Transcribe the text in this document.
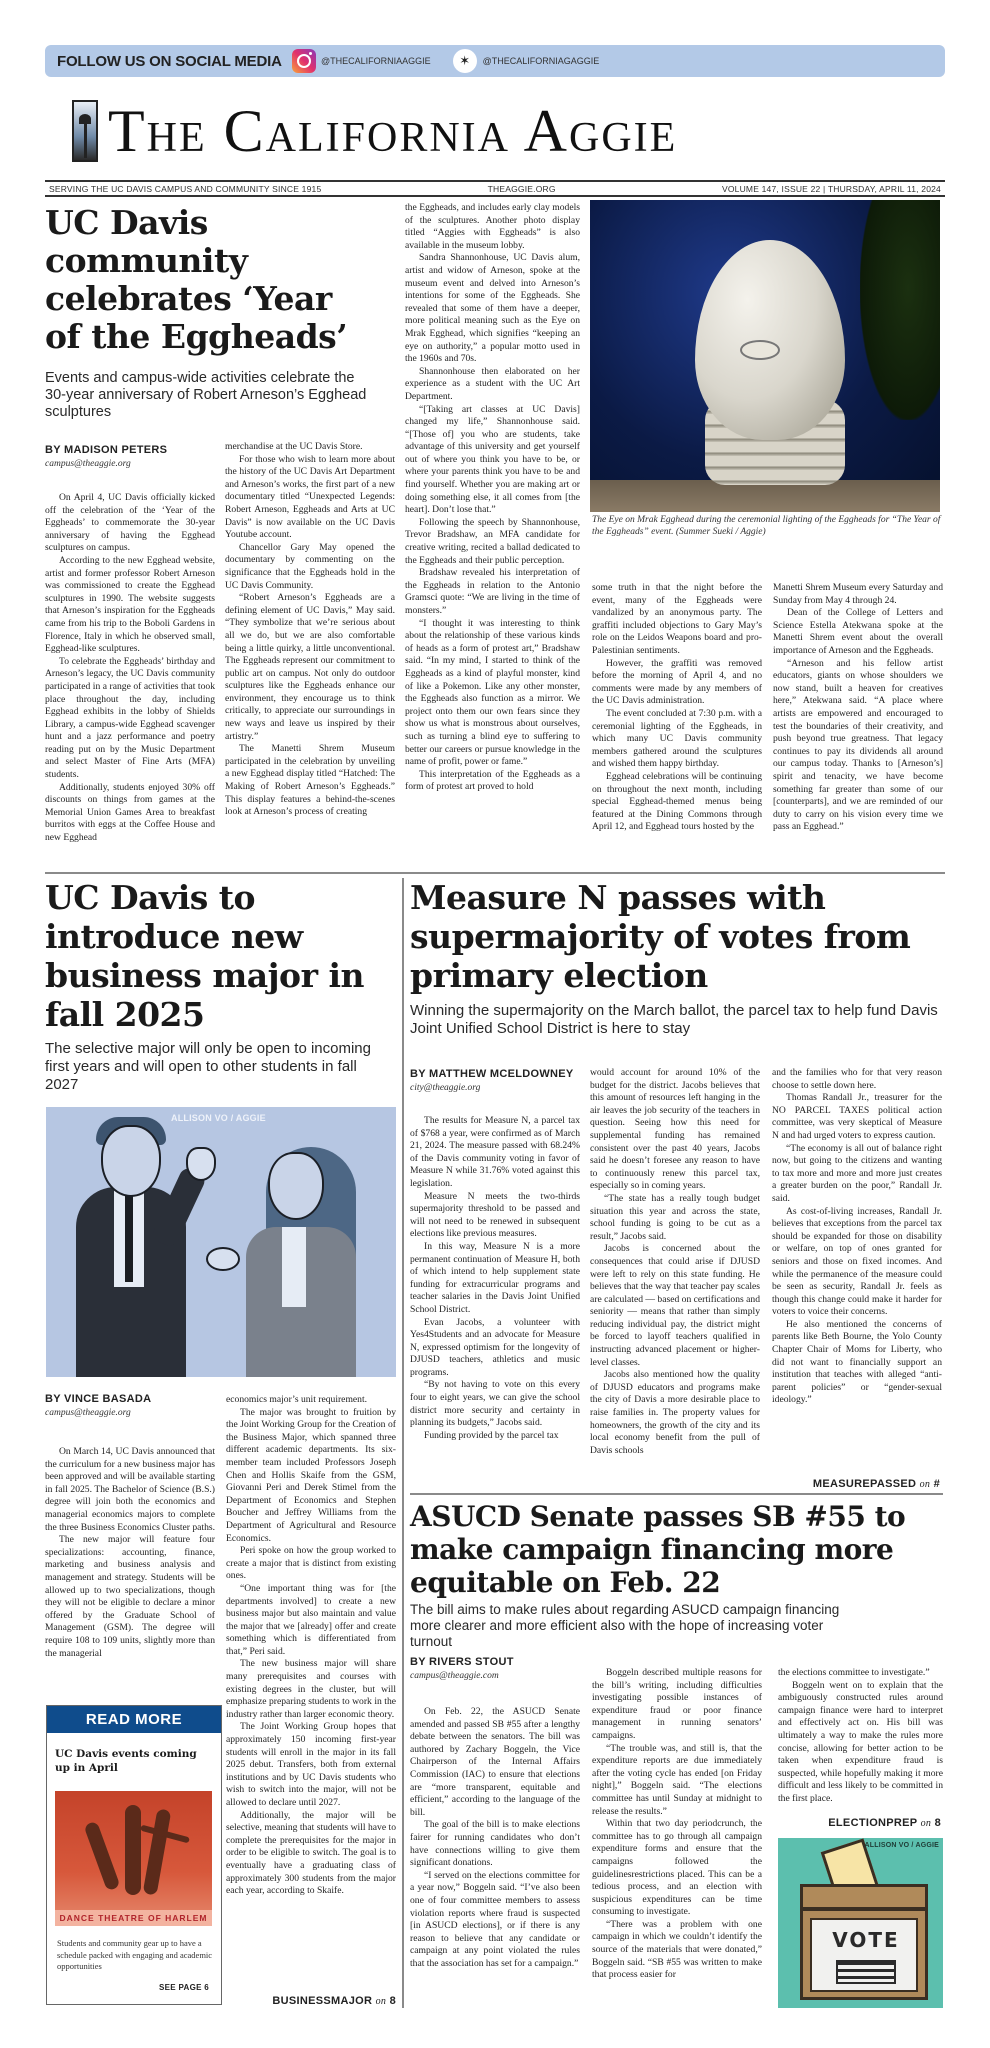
FOLLOW US ON SOCIAL MEDIA	@THECALIFORNIAAGGIE	✶	@THECALIFORNIAGAGGIE
The California Aggie
SERVING THE UC DAVIS CAMPUS AND COMMUNITY SINCE 1915	THEAGGIE.ORG	VOLUME 147, ISSUE 22 | THURSDAY, APRIL 11, 2024
UC Davis community celebrates ‘Year of the Eggheads’
Events and campus-wide activities celebrate the 30-year anniversary of Robert Arneson’s Egghead sculptures
BY MADISON PETERS
campus@theaggie.org

On April 4, UC Davis officially kicked off the celebration of the ‘Year of the Eggheads’ to commemorate the 30-year anniversary of having the Egghead sculptures on campus.

According to the new Egghead website, artist and former professor Robert Arneson was commissioned to create the Egghead sculptures in 1990. The website suggests that Arneson’s inspiration for the Eggheads came from his trip to the Boboli Gardens in Florence, Italy in which he observed small, Egghead-like sculptures.

To celebrate the Eggheads’ birthday and Arneson’s legacy, the UC Davis community participated in a range of activities that took place throughout the day, including Egghead exhibits in the lobby of Shields Library, a campus-wide Egghead scavenger hunt and a jazz performance and poetry reading put on by the Music Department and select Master of Fine Arts (MFA) students.

Additionally, students enjoyed 30% off discounts on things from games at the Memorial Union Games Area to breakfast burritos with eggs at the Coffee House and new Egghead

merchandise at the UC Davis Store.

For those who wish to learn more about the history of the UC Davis Art Department and Arneson’s works, the first part of a new documentary titled “Unexpected Legends: Robert Arneson, Eggheads and Arts at UC Davis” is now available on the UC Davis Youtube account.

Chancellor Gary May opened the documentary by commenting on the significance that the Eggheads hold in the UC Davis Community.

“Robert Arneson’s Eggheads are a defining element of UC Davis,” May said. “They symbolize that we’re serious about all we do, but we are also comfortable being a little quirky, a little unconventional. The Eggheads represent our commitment to public art on campus. Not only do outdoor sculptures like the Eggheads enhance our environment, they encourage us to think critically, to appreciate our surroundings in new ways and leave us inspired by their artistry.”

The Manetti Shrem Museum participated in the celebration by unveiling a new Egghead display titled “Hatched: The Making of Robert Arneson’s Eggheads.” This display features a behind-the-scenes look at Arneson’s process of creating

the Eggheads, and includes early clay models of the sculptures. Another photo display titled “Aggies with Eggheads” is also available in the museum lobby.

Sandra Shannonhouse, UC Davis alum, artist and widow of Arneson, spoke at the museum event and delved into Arneson’s intentions for some of the Eggheads. She revealed that some of them have a deeper, more political meaning such as the Eye on Mrak Egghead, which signifies “keeping an eye on authority,” a popular motto used in the 1960s and 70s.

Shannonhouse then elaborated on her experience as a student with the UC Art Department.

“[Taking art classes at UC Davis] changed my life,” Shannonhouse said. “[Those of] you who are students, take advantage of this university and get yourself out of where you think you have to be, or where your parents think you have to be and find yourself. Whether you are making art or doing something else, it all comes from [the heart]. Don’t lose that.”

Following the speech by Shannonhouse, Trevor Bradshaw, an MFA candidate for creative writing, recited a ballad dedicated to the Eggheads and their public perception.

Bradshaw revealed his interpretation of the Eggheads in relation to the Antonio Gramsci quote: “We are living in the time of monsters.”

“I thought it was interesting to think about the relationship of these various kinds of heads as a form of protest art,” Bradshaw said. “In my mind, I started to think of the Eggheads as a kind of playful monster, kind of like a Pokemon. Like any other monster, the Eggheads also function as a mirror. We project onto them our own fears since they show us what is monstrous about ourselves, such as turning a blind eye to suffering to better our careers or pursue knowledge in the name of profit, power or fame.”

This interpretation of the Eggheads as a form of protest art proved to hold

The Eye on Mrak Egghead during the ceremonial lighting of the Eggheads for “The Year of the Eggheads” event. (Summer Sueki / Aggie)

some truth in that the night before the event, many of the Eggheads were vandalized by an anonymous party. The graffiti included objections to Gary May’s role on the Leidos Weapons board and pro-Palestinian sentiments.

However, the graffiti was removed before the morning of April 4, and no comments were made by any members of the UC Davis administration.

The event concluded at 7:30 p.m. with a ceremonial lighting of the Eggheads, in which many UC Davis community members gathered around the sculptures and wished them happy birthday.

Egghead celebrations will be continuing on throughout the next month, including special Egghead-themed menus being featured at the Dining Commons through April 12, and Egghead tours hosted by the

Manetti Shrem Museum every Saturday and Sunday from May 4 through 24.

Dean of the College of Letters and Science Estella Atekwana spoke at the Manetti Shrem event about the overall importance of Arneson and the Eggheads.

“Arneson and his fellow artist educators, giants on whose shoulders we now stand, built a heaven for creatives here,” Atekwana said. “A place where artists are empowered and encouraged to test the boundaries of their creativity, and push beyond true greatness. That legacy continues to pay its dividends all around our campus today. Thanks to [Arneson’s] spirit and tenacity, we have become something far greater than some of our [counterparts], and we are reminded of our duty to carry on his vision every time we pass an Egghead.”

UC Davis to introduce new business major in fall 2025
The selective major will only be open to incoming first years and will open to other students in fall 2027
ALLISON VO / AGGIE
BY VINCE BASADA
campus@theaggie.org

On March 14, UC Davis announced that the curriculum for a new business major has been approved and will be available starting in fall 2025. The Bachelor of Science (B.S.) degree will join both the economics and managerial economics majors to complete the three Business Economics Cluster paths.

The new major will feature four specializations: accounting, finance, marketing and business analysis and management and strategy. Students will be allowed up to two specializations, though they will not be eligible to declare a minor offered by the Graduate School of Management (GSM). The degree will require 108 to 109 units, slightly more than the managerial

economics major’s unit requirement.

The major was brought to fruition by the Joint Working Group for the Creation of the Business Major, which spanned three different academic departments. Its six-member team included Professors Joseph Chen and Hollis Skaife from the GSM, Giovanni Peri and Derek Stimel from the Department of Economics and Stephen Boucher and Jeffrey Williams from the Department of Agricultural and Resource Economics.

Peri spoke on how the group worked to create a major that is distinct from existing ones.

“One important thing was for [the departments involved] to create a new business major but also maintain and value the major that we [already] offer and create something which is differentiated from that,” Peri said.

The new business major will share many prerequisites and courses with existing degrees in the cluster, but will emphasize preparing students to work in the industry rather than larger economic theory.

The Joint Working Group hopes that approximately 150 incoming first-year students will enroll in the major in its fall 2025 debut. Transfers, both from external institutions and by UC Davis students who wish to switch into the major, will not be allowed to declare until 2027.

Additionally, the major will be selective, meaning that students will have to complete the prerequisites for the major in order to be eligible to switch. The goal is to eventually have a graduating class of approximately 300 students from the major each year, according to Skaife.

BUSINESSMAJOR on 8
READ MORE
UC Davis events coming up in April
DANCE THEATRE OF HARLEM
Students and community gear up to have a schedule packed with engaging and academic opportunities
SEE PAGE 6
Measure N passes with supermajority of votes from primary election
Winning the supermajority on the March ballot, the parcel tax to help fund Davis Joint Unified School District is here to stay
BY MATTHEW MCELDOWNEY
city@theaggie.org

The results for Measure N, a parcel tax of $768 a year, were confirmed as of March 21, 2024. The measure passed with 68.24% of the Davis community voting in favor of Measure N while 31.76% voted against this legislation.

Measure N meets the two-thirds supermajority threshold to be passed and will not need to be renewed in subsequent elections like previous measures.

In this way, Measure N is a more permanent continuation of Measure H, both of which intend to help supplement state funding for extracurricular programs and teacher salaries in the Davis Joint Unified School District.

Evan Jacobs, a volunteer with Yes4Students and an advocate for Measure N, expressed optimism for the longevity of DJUSD teachers, athletics and music programs.

“By not having to vote on this every four to eight years, we can give the school district more security and certainty in planning its budgets,” Jacobs said.

Funding provided by the parcel tax

would account for around 10% of the budget for the district. Jacobs believes that this amount of resources left hanging in the air leaves the job security of the teachers in question. Seeing how this need for supplemental funding has remained consistent over the past 40 years, Jacobs said he doesn’t foresee any reason to have to continuously renew this parcel tax, especially so in coming years.

“The state has a really tough budget situation this year and across the state, school funding is going to be cut as a result,” Jacobs said.

Jacobs is concerned about the consequences that could arise if DJUSD were left to rely on this state funding. He believes that the way that teacher pay scales are calculated — based on certifications and seniority — means that rather than simply reducing individual pay, the district might be forced to layoff teachers qualified in instructing advanced placement or higher-level classes.

Jacobs also mentioned how the quality of DJUSD educators and programs make the city of Davis a more desirable place to raise families in. The property values for homeowners, the growth of the city and its local economy benefit from the pull of Davis schools

and the families who for that very reason choose to settle down here.

Thomas Randall Jr., treasurer for the NO PARCEL TAXES political action committee, was very skeptical of Measure N and had urged voters to express caution.

“The economy is all out of balance right now, but going to the citizens and wanting to tax more and more and more just creates a greater burden on the poor,” Randall Jr. said.

As cost-of-living increases, Randall Jr. believes that exceptions from the parcel tax should be expanded for those on disability or welfare, on top of ones granted for seniors and those on fixed incomes. And while the permanence of the measure could be seen as security, Randall Jr. feels as though this change could make it harder for voters to voice their concerns.

He also mentioned the concerns of parents like Beth Bourne, the Yolo County Chapter Chair of Moms for Liberty, who did not want to financially support an institution that teaches with alleged “anti-parent policies” or “gender-sexual ideology.”

MEASUREPASSED on #
ASUCD Senate passes SB #55 to make campaign financing more equitable on Feb. 22
The bill aims to make rules about regarding ASUCD campaign financing more clearer and more efficient also with the hope of increasing voter turnout
BY RIVERS STOUT
campus@theaggie.com

On Feb. 22, the ASUCD Senate amended and passed SB #55 after a lengthy debate between the senators. The bill was authored by Zachary Boggeln, the Vice Chairperson of the Internal Affairs Commission (IAC) to ensure that elections are “more transparent, equitable and efficient,” according to the language of the bill.

The goal of the bill is to make elections fairer for running candidates who don’t have connections willing to give them significant donations.

“I served on the elections committee for a year now,” Boggeln said. “I’ve also been one of four committee members to assess violation reports where fraud is suspected [in ASUCD elections], or if there is any reason to believe that any candidate or campaign at any point violated the rules that the association has set for a campaign.”

Boggeln described multiple reasons for the bill’s writing, including difficulties investigating possible instances of expenditure fraud or poor finance management in running senators’ campaigns.

“The trouble was, and still is, that the expenditure reports are due immediately after the voting cycle has ended [on Friday night],” Boggeln said. “The elections committee has until Sunday at midnight to release the results.”

Within that two day periodcrunch, the committee has to go through all campaign expenditure forms and ensure that the campaigns followed the guidelinesrestrictions placed. This can be a tedious process, and an election with suspicious expenditures can be time consuming to investigate.

“There was a problem with one campaign in which we couldn’t identify the source of the materials that were donated,” Boggeln said. “SB #55 was written to make that process easier for

the elections committee to investigate.”

Boggeln went on to explain that the ambiguously constructed rules around campaign finance were hard to interpret and effectively act on. His bill was ultimately a way to make the rules more concise, allowing for better action to be taken when expenditure fraud is suspected, while hopefully making it more difficult and less likely to be committed in the first place.

ELECTIONPREP on 8
VOTE
ALLISON VO / AGGIE
